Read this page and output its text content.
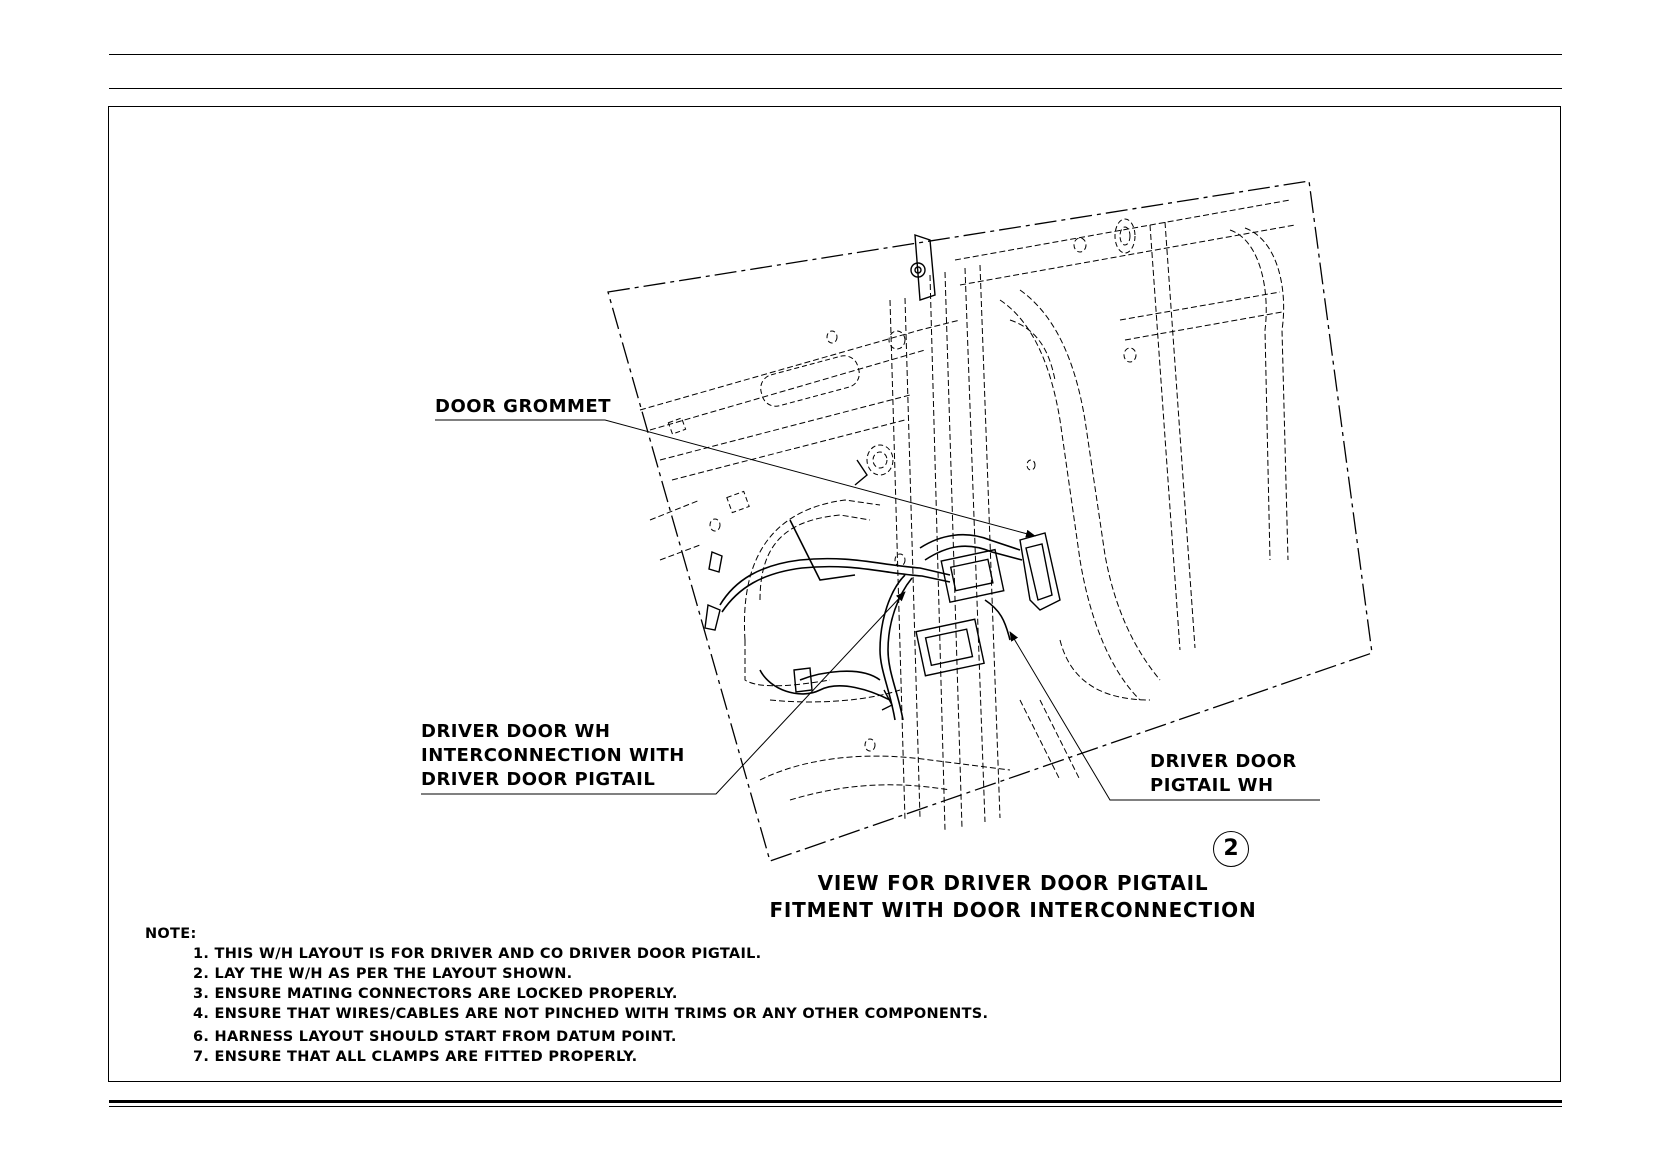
DOOR GROMMET
DRIVER DOOR WH
INTERCONNECTION WITH
DRIVER DOOR PIGTAIL
DRIVER DOOR
PIGTAIL WH
2
VIEW FOR DRIVER DOOR PIGTAIL
FITMENT WITH DOOR INTERCONNECTION
NOTE:
1. THIS W/H LAYOUT IS FOR DRIVER AND CO DRIVER DOOR PIGTAIL.
2. LAY THE W/H AS PER THE LAYOUT SHOWN.
3. ENSURE MATING CONNECTORS ARE LOCKED PROPERLY.
4. ENSURE THAT WIRES/CABLES ARE NOT PINCHED WITH TRIMS OR ANY OTHER COMPONENTS.
6. HARNESS LAYOUT SHOULD START FROM DATUM POINT.
7. ENSURE THAT ALL CLAMPS ARE FITTED PROPERLY.
